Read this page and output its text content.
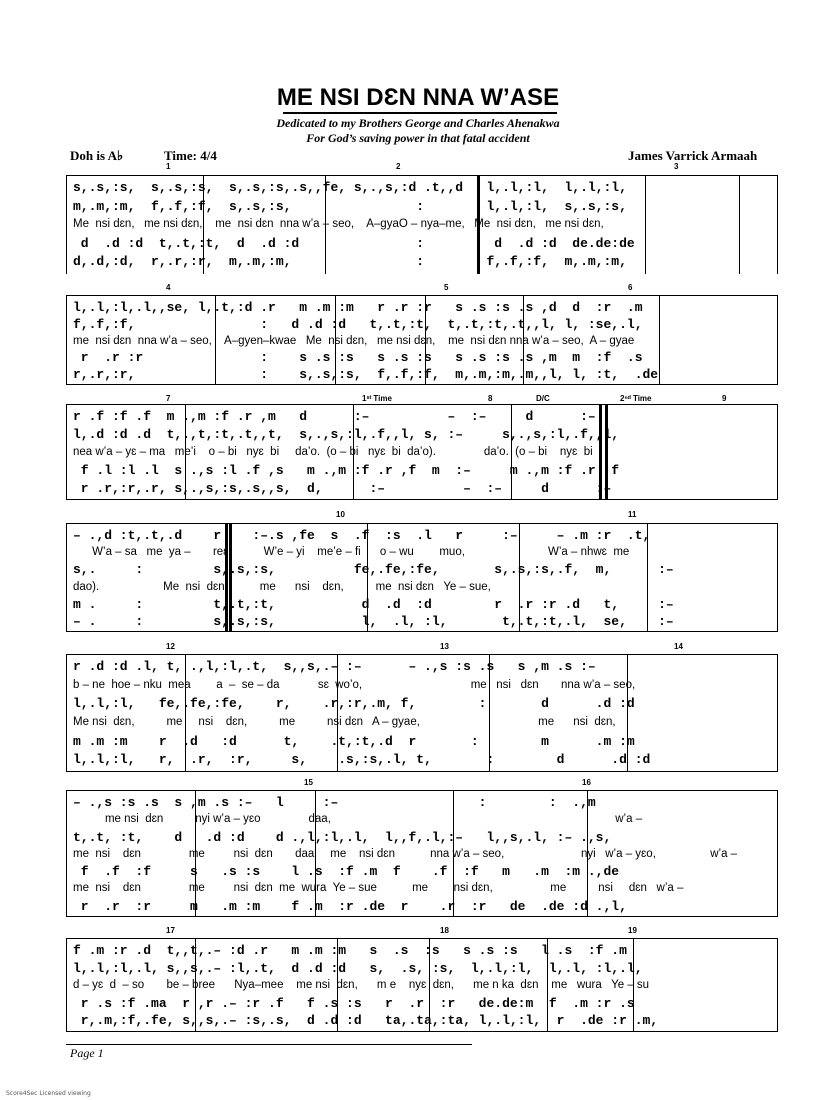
ME NSI DƐN NNA W’ASE
Dedicated to my Brothers George and Charles Ahenakwa
For God’s saving power in that fatal accident
Doh is A♭	Time: 4/4	James Varrick Armaah
1	2	3
s,.s,:s,  s,.s,:s,  s,.s,:s,.s,,fe, s,.,s,:d .t,,d   l,.l,:l,  l,.l,:l,
m,.m,:m,  f,.f,:f,  s,.s,:s,                :        l,.l,:l,  s,.s,:s,
Me  nsi dɛn,   me nsi dɛn,    me  nsi dɛn  nna w’a – seo,    A–gyaO – nya–me,   Me  nsi dɛn,   me nsi dɛn,
d  .d :d  t,.t,:t,  d  .d :d               :         d  .d :d  de.de:de
d,.d,:d,  r,.r,:r,  m,.m,:m,                :        f,.f,:f,  m,.m,:m,
4	5	6
l,.l,:l,.l,,se, l,.t,:d .r   m .m :m   r .r :r   s .s :s .s ,d  d  :r  .m
f,.f,:f,                :   d .d :d   t,.t,:t,  t,.t,:t,.t,,l, l, :se,.l,
me  nsi dɛn  nna w’a – seo,    A–gyen–kwae   Me  nsi dɛn,   me nsi dɛn,    me  nsi dɛn nna w’a – seo,  A – gyae
r  .r :r               :    s .s :s   s .s :s   s .s :s .s ,m  m  :f  .s
r,.r,:r,                :    s,.s,:s,  f,.f,:f,  m,.m,:m,.m,,l, l, :t,  .de
7	1ˢᵗ Time	8	D/C	2ⁿᵈ Time	9
r .f :f .f  m .,m :f .r ,m   d      :–          –  :–     d      :–
l,.d :d .d  t,.,t,:t,.t,,t,  s,.,s,:l,.f,,l, s, :–     s,.,s,:l,.f,,l,
nea w’a – yɛ – ma   me’i    o – bi   nyɛ  bi     da’o.  (o – bi   nyɛ  bi  da’o).               da’o.  (o – bi    nyɛ  bi
f .l :l .l  s .,s :l .f ,s   m .,m :f .r ,f  m  :–     m .,m :f .r ,f
r .r,:r,.r, s,.,s,:s,.s,,s,  d,      :–          –  :–     d      :–
10	11
– .,d :t,.t,.d    r    :–.s ,fe  s  .f  :s  .l   r     :–     – .m :r  .t,
W’a – sa   me  ya –       reɛ,          W’e – yi    me’e – fi      o – wu        muo,                          W’a – nhwɛ  me
s,.     :         s,.s,:s,          fe,.fe,:fe,       s,.s,:s,.f,  m,      :–
dao).                    Me  nsi  dɛn,          me      nsi    dɛn,          me  nsi dɛn   Ye – sue,
m .     :         t,.t,:t,           d  .d  :d        r  .r :r .d   t,     :–
– .     :         s,.s,:s,           l,  .l, :l,       t,.t,:t,.l,  se,    :–
12	13	14
r .d :d .l, t, .,l,:l,.t,  s,,s,.– :–      – .,s :s .s   s ,m .s :–
b – ne  hoe – nku  mea        a  –  se – da            sɛ  wo’o,                                  me   nsi   dɛn       nna w’a – seo,
l,.l,:l,   fe,.fe,:fe,    r,    .r,:r,.m, f,        :       d      .d :d
Me nsi  dɛn,          me     nsi    dɛn,          me          nsi dɛn   A – gyae,                                     me      nsi  dɛn,
m .m :m    r  .d   :d      t,    .t,:t,.d  r       :        m      .m :m
l,.l,:l,   r,  .r,  :r,     s,    .s,:s,.l, t,       :        d      .d :d
15	16
– .,s :s .s  s ,m .s :–   l     :–                  :        :  .,m
me nsi  dɛn          nyi w’a – yɛo               daa,                                                                                         w’a –
t,.t, :t,    d   .d :d    d .,l,:l,.l,  l,,f,.l,:–   l,,s,.l, :– .,s,
me  nsi    dɛn               me         nsi  dɛn       daa     me    nsi dɛn           nna w’a – seo,                        nyi   w’a – yɛo,                 w’a –
f  .f  :f     s   .s :s    l .s  :f .m  f    .f  :f   m   .m  :m .,de
me  nsi    dɛn               me         nsi  dɛn  me  wura  Ye – sue           me        nsi dɛn,                  me          nsi     dɛn   w’a –
r  .r  :r     m   .m :m    f .m  :r .de  r    .r  :r   de  .de :d .,l,
17	18	19
f .m :r .d  t,,t,.– :d .r   m .m :m   s  .s  :s   s .s :s   l .s  :f .m
l,.l,:l,.l, s,,s,.– :l,.t,  d .d :d   s,  .s, :s,  l,.l,:l,  l,.l, :l,.l,
d – yɛ  d  – so       be – bree      Nya–mee    me nsi  dɛn,      m e    nyɛ  dɛn,      me n ka  dɛn    me   wura   Ye – su
r .s :f .ma  r ,r .– :r .f   f .s :s   r  .r  :r   de.de:m  f  .m :r .s
r,.m,:f,.fe, s,,s,.– :s,.s,  d .d :d   ta,.ta,:ta, l,.l,:l,  r  .de :r .m,
Page 1
Score4Sec Licensed viewing
